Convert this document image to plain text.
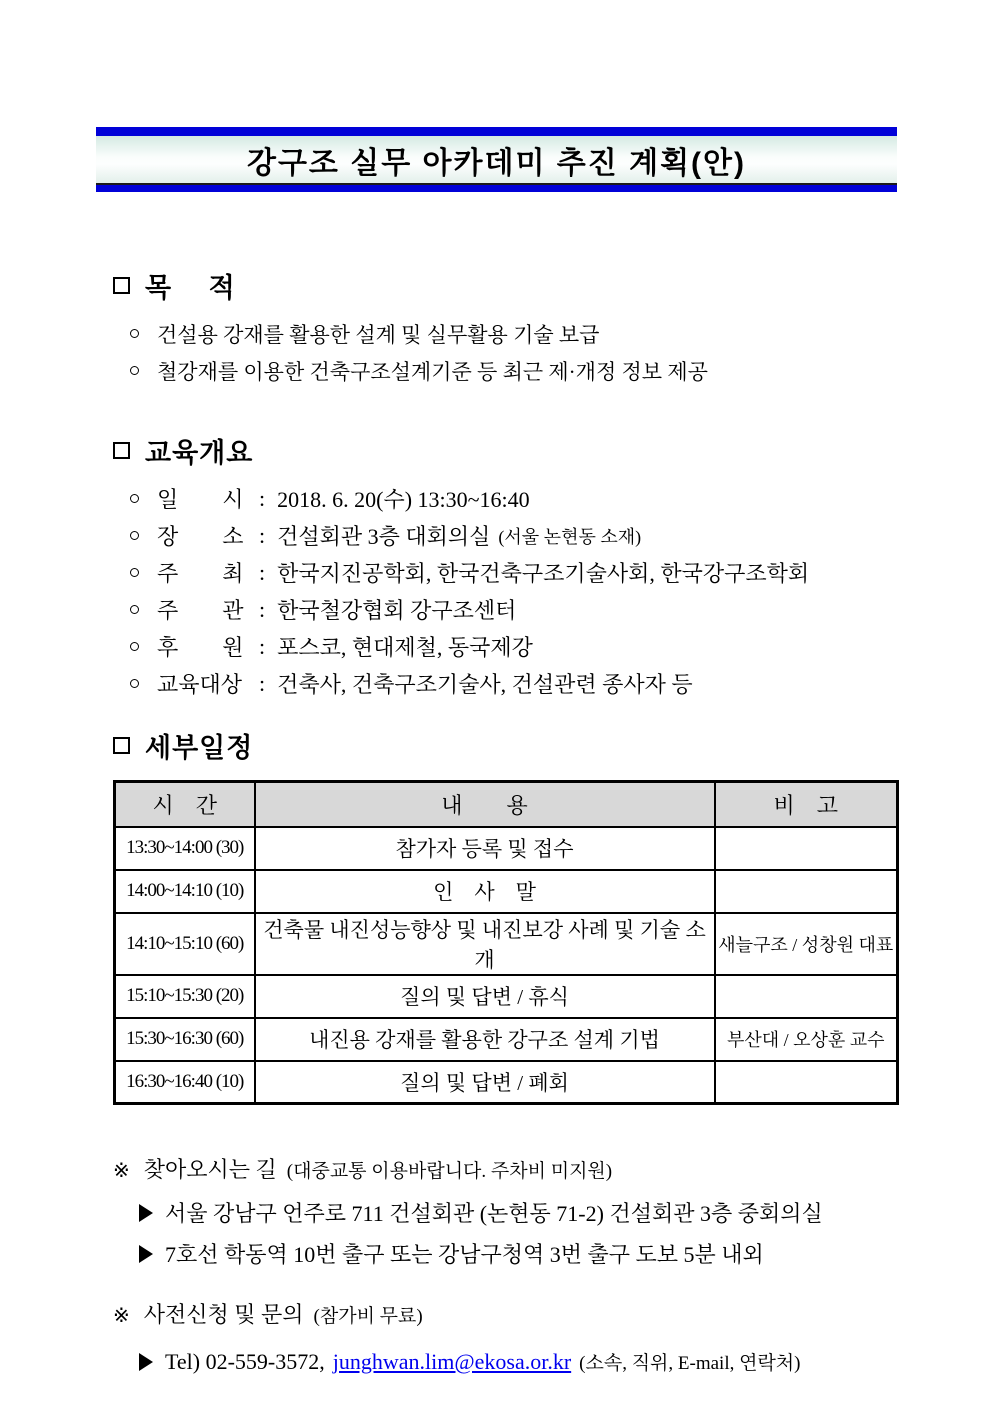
강구조 실무 아카데미 추진 계획(안)
목　 적
건설용 강재를 활용한 설계 및 실무활용 기술 보급
철강재를 이용한 건축구조설계기준 등 최근 제·개정 정보 제공
교육개요
일　　시 : 2018. 6. 20(수) 13:30~16:40
장　　소 : 건설회관 3층 대회의실 (서울 논현동 소재)
주　　최 : 한국지진공학회, 한국건축구조기술사회, 한국강구조학회
주　　관 : 한국철강협회 강구조센터
후　　원 : 포스코, 현대제철, 동국제강
교육대상 : 건축사, 건축구조기술사, 건설관련 종사자 등
세부일정
시　간	내　　용	비　고
13:30~14:00 (30)	참가자 등록 및 접수	
14:00~14:10 (10)	인　사　말	
14:10~15:10 (60)	건축물 내진성능향상 및 내진보강 사례 및 기술 소개	새늘구조 / 성창원 대표
15:10~15:30 (20)	질의 및 답변 / 휴식	
15:30~16:30 (60)	내진용 강재를 활용한 강구조 설계 기법	부산대 / 오상훈 교수
16:30~16:40 (10)	질의 및 답변 / 폐회	
※ 찾아오시는 길 (대중교통 이용바랍니다. 주차비 미지원)
서울 강남구 언주로 711 건설회관 (논현동 71-2) 건설회관 3층 중회의실
7호선 학동역 10번 출구 또는 강남구청역 3번 출구 도보 5분 내외
※ 사전신청 및 문의 (참가비 무료)
Tel) 02-559-3572, junghwan.lim@ekosa.or.kr (소속, 직위, E-mail, 연락처)
